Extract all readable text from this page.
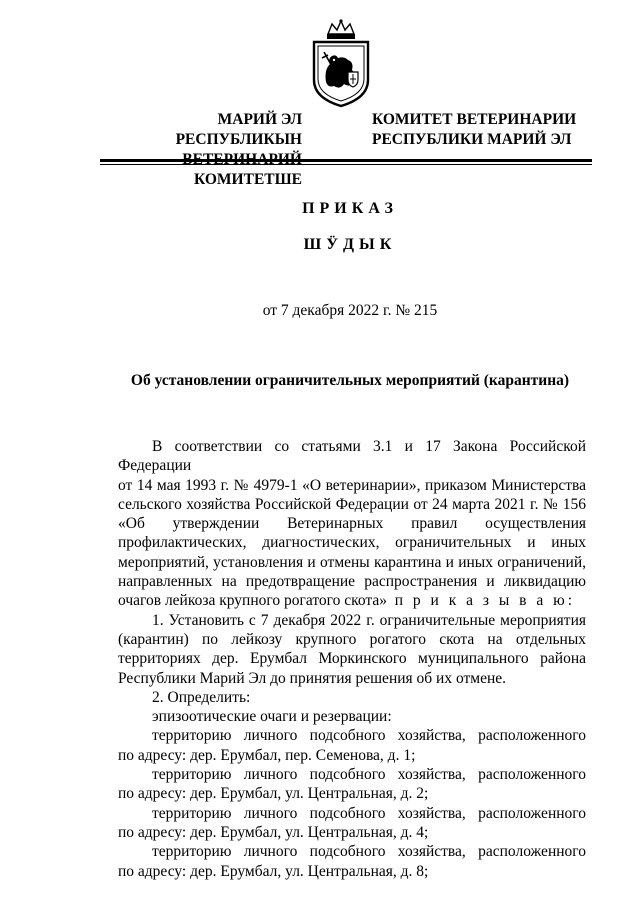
МАРИЙ ЭЛ РЕСПУБЛИКЫН
КОМИТЕТШЕ
КОМИТЕТ ВЕТЕРИНАРИИ
РЕСПУБЛИКИ МАРИЙ ЭЛ
ПРИКАЗ
ШӰДЫК
от 7 декабря 2022 г. № 215
Об установлении ограничительных мероприятий (карантина)

В соответствии со статьями 3.1 и 17 Закона Российской Федерации

от 14 мая 1993 г. № 4979-1 «О ветеринарии», приказом Министерства

сельского хозяйства Российской Федерации от 24 марта 2021 г. № 156

«Об утверждении Ветеринарных правил осуществления

профилактических, диагностических, ограничительных и иных

мероприятий, установления и отмены карантина и иных ограничений,

направленных на предотвращение распространения и ликвидацию

очагов лейкоза крупного рогатого скота» п р и к а з ы в а ю:

1. Установить с 7 декабря 2022 г. ограничительные мероприятия

(карантин) по лейкозу крупного рогатого скота на отдельных

территориях дер. Ерумбал Моркинского муниципального района

Республики Марий Эл до принятия решения об их отмене.

2. Определить:

эпизоотические очаги и резервации:

территорию личного подсобного хозяйства, расположенного

по адресу: дер. Ерумбал, пер. Семенова, д. 1;

территорию личного подсобного хозяйства, расположенного

по адресу: дер. Ерумбал, ул. Центральная, д. 2;

территорию личного подсобного хозяйства, расположенного

по адресу: дер. Ерумбал, ул. Центральная, д. 4;

территорию личного подсобного хозяйства, расположенного

по адресу: дер. Ерумбал, ул. Центральная, д. 8;
